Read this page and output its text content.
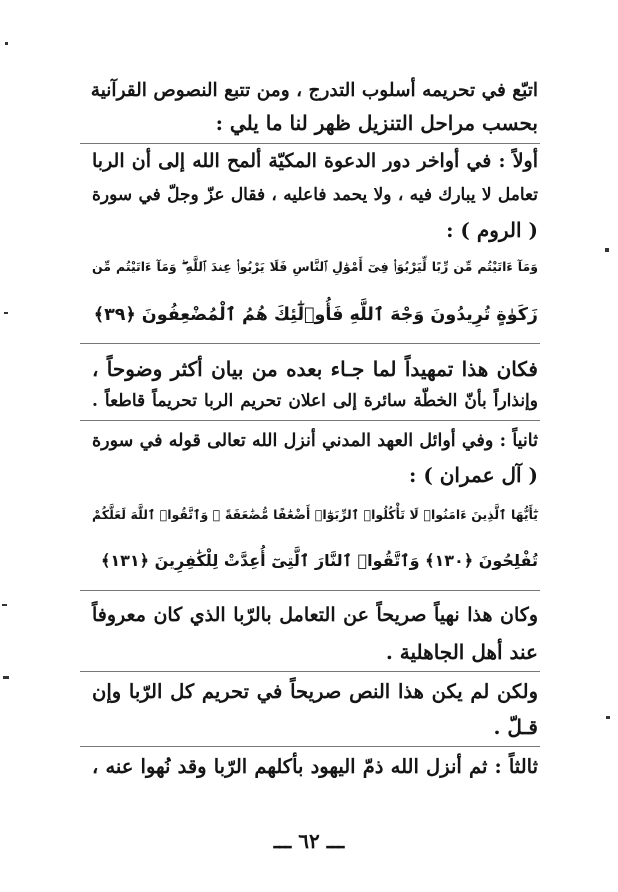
اتبّع في تحريمه أسلوب التدرج ، ومن تتبع النصوص القرآنية
بحسب مراحل التنزيل ظهر لنا ما يلي :
أولاً : في أواخر دور الدعوة المكيّة ألمح الله إلى أن الربا
تعامل لا يبارك فيه ، ولا يحمد فاعليه ، فقال عزّ وجلّ في سورة
( الروم ) :
وَمَآ ءَاتَيْتُم مِّن رِّبًا لِّيَرْبُوَا۟ فِىٓ أَمْوَٰلِ ٱلنَّاسِ فَلَا يَرْبُوا۟ عِندَ ٱللَّهِ ۖ وَمَآ ءَاتَيْتُم مِّن
زَكَوٰةٍ تُرِيدُونَ وَجْهَ ٱللَّهِ فَأُو۟لَٰٓئِكَ هُمُ ٱلْمُضْعِفُونَ ﴿٣٩﴾
فكان هذا تمهيداً لما جـاء بعده من بيان أكثر وضوحاً ،
وإنذاراً بأنّ الخطّة سائرة إلى اعلان تحريم الربا تحريماً قاطعاً .
ثانياً : وفي أوائل العهد المدني أنزل الله تعالى قوله في سورة
( آل عمران ) :
يَٰٓأَيُّهَا ٱلَّذِينَ ءَامَنُوا۟ لَا تَأْكُلُوا۟ ٱلرِّبَوٰٓا۟ أَضْعَٰفًا مُّضَٰعَفَةً ۖ وَٱتَّقُوا۟ ٱللَّهَ لَعَلَّكُمْ
تُفْلِحُونَ ﴿١٣٠﴾ وَٱتَّقُوا۟ ٱلنَّارَ ٱلَّتِىٓ أُعِدَّتْ لِلْكَٰفِرِينَ ﴿١٣١﴾
وكان هذا نهياً صريحاً عن التعامل بالرّبا الذي كان معروفاً
عند أهل الجاهلية .
ولكن لم يكن هذا النص صريحاً في تحريم كل الرّبا وإن
قـلّ .
ثالثاً : ثم أنزل الله ذمّ اليهود بأكلهم الرّبا وقد نُهوا عنه ،
ـــ ٦٢ ـــ
